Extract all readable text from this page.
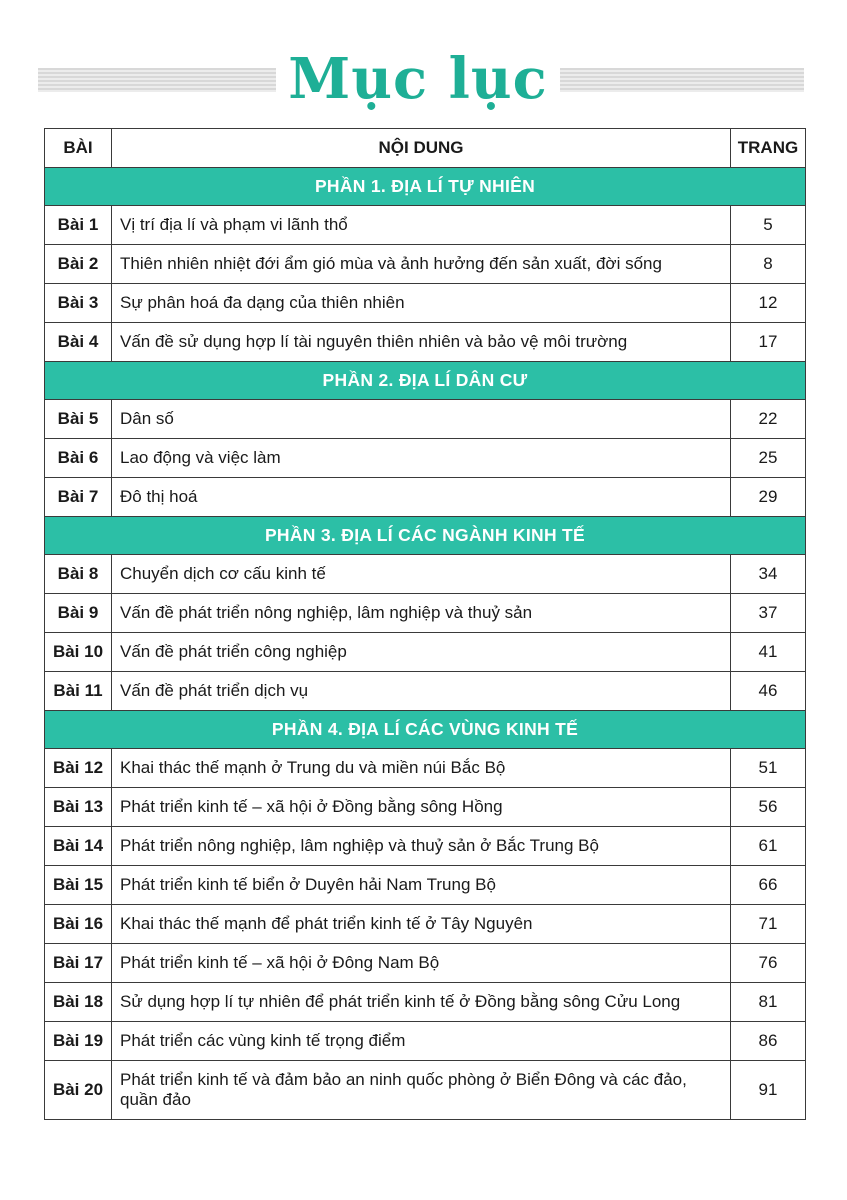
Mục lục
BÀI	NỘI DUNG	TRANG
PHẦN 1. ĐỊA LÍ TỰ NHIÊN		
Bài 1	Vị trí địa lí và phạm vi lãnh thổ	5
Bài 2	Thiên nhiên nhiệt đới ẩm gió mùa và ảnh hưởng đến sản xuất, đời sống	8
Bài 3	Sự phân hoá đa dạng của thiên nhiên	12
Bài 4	Vấn đề sử dụng hợp lí tài nguyên thiên nhiên và bảo vệ môi trường	17
PHẦN 2. ĐỊA LÍ DÂN CƯ		
Bài 5	Dân số	22
Bài 6	Lao động và việc làm	25
Bài 7	Đô thị hoá	29
PHẦN 3. ĐỊA LÍ CÁC NGÀNH KINH TẾ		
Bài 8	Chuyển dịch cơ cấu kinh tế	34
Bài 9	Vấn đề phát triển nông nghiệp, lâm nghiệp và thuỷ sản	37
Bài 10	Vấn đề phát triển công nghiệp	41
Bài 11	Vấn đề phát triển dịch vụ	46
PHẦN 4. ĐỊA LÍ CÁC VÙNG KINH TẾ		
Bài 12	Khai thác thế mạnh ở Trung du và miền núi Bắc Bộ	51
Bài 13	Phát triển kinh tế – xã hội ở Đồng bằng sông Hồng	56
Bài 14	Phát triển nông nghiệp, lâm nghiệp và thuỷ sản ở Bắc Trung Bộ	61
Bài 15	Phát triển kinh tế biển ở Duyên hải Nam Trung Bộ	66
Bài 16	Khai thác thế mạnh để phát triển kinh tế ở Tây Nguyên	71
Bài 17	Phát triển kinh tế – xã hội ở Đông Nam Bộ	76
Bài 18	Sử dụng hợp lí tự nhiên để phát triển kinh tế ở Đồng bằng sông Cửu Long	81
Bài 19	Phát triển các vùng kinh tế trọng điểm	86
Bài 20	Phát triển kinh tế và đảm bảo an ninh quốc phòng ở Biển Đông và các đảo, quần đảo	91
